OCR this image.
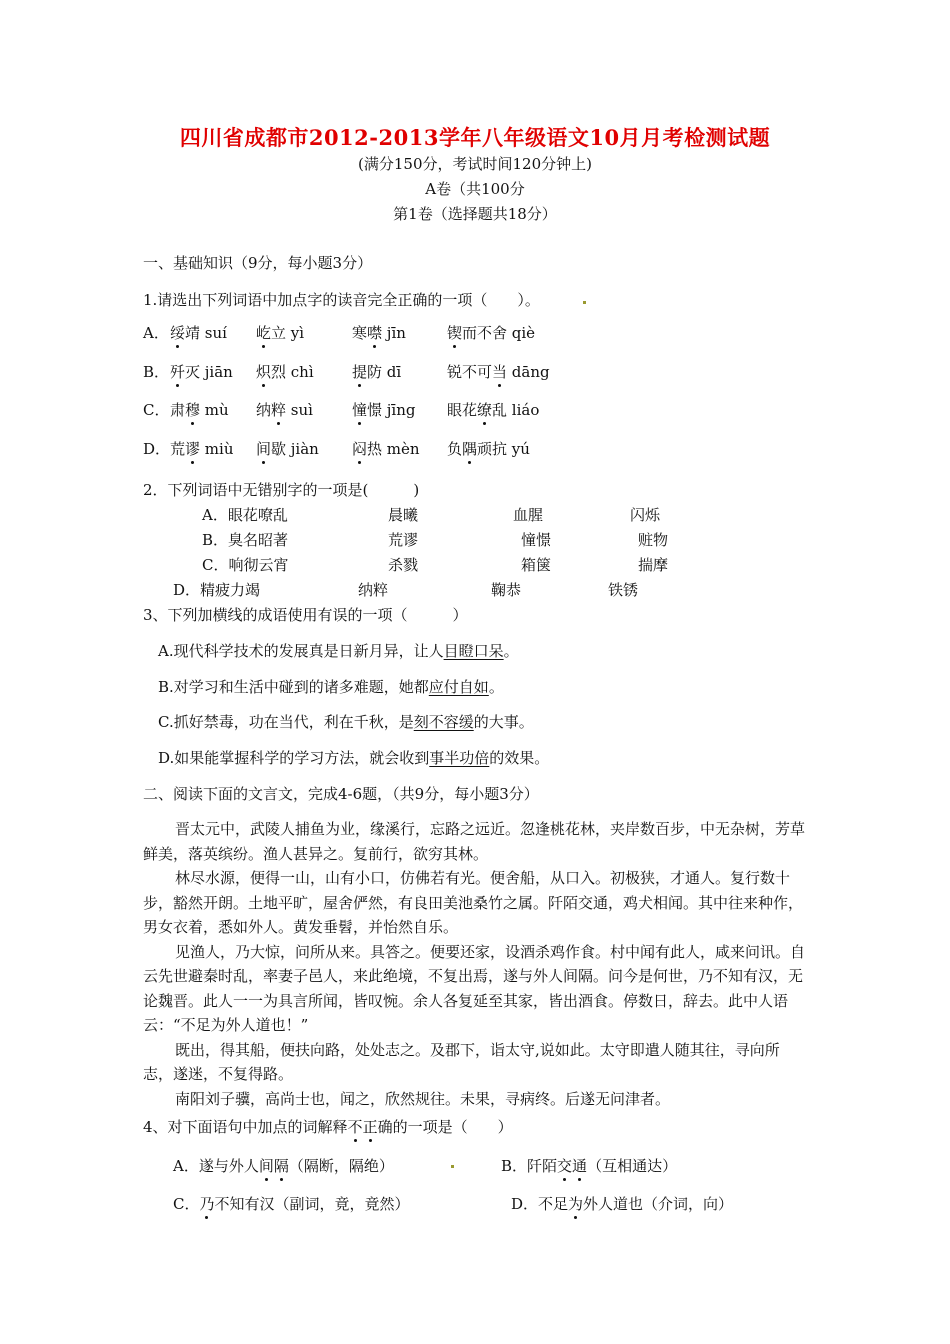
四川省成都市2012-2013学年八年级语文10月月考检测试题
(满分150分，考试时间120分钟上)
A卷（共100分
第1卷（选择题共18分）
一、基础知识（9分，每小题3分）
1.请选出下列词语中加点字的读音完全正确的一项（　　）。
A． 绥靖 suí 屹立 yì	寒噤 jīn	锲而不舍 qiè
B． 歼灭 jiān 炽烈 chì	提防 dī	锐不可当 dāng
C． 肃穆 mù 纳粹 suì	憧憬 jīng 眼花缭乱 liáo
D． 荒谬 miù 间歇 jiàn 闷热 mèn 负隅顽抗 yú
2．下列词语中无错别字的一项是(　　　)
A．眼花嘹乱	晨曦	血腥	闪烁
B．臭名昭著	荒谬	憧憬	赃物
C．响彻云宵	杀戮	箱箧	揣摩
D．精疲力竭	纳粹	鞠恭	铁锈
3、下列加横线的成语使用有误的一项（　　　）
A.现代科学技术的发展真是日新月异，让人目瞪口呆。
B.对学习和生活中碰到的诸多难题，她都应付自如。
C.抓好禁毒，功在当代，利在千秋，是刻不容缓的大事。
D.如果能掌握科学的学习方法，就会收到事半功倍的效果。
二、阅读下面的文言文，完成4-6题，（共9分，每小题3分）

晋太元中，武陵人捕鱼为业，缘溪行，忘路之远近。忽逢桃花林，夹岸数百步，中无杂树，芳草鲜美，落英缤纷。渔人甚异之。复前行，欲穷其林。

林尽水源，便得一山，山有小口，仿佛若有光。便舍船，从口入。初极狭，才通人。复行数十步，豁然开朗。土地平旷，屋舍俨然，有良田美池桑竹之属。阡陌交通，鸡犬相闻。其中往来种作，男女衣着，悉如外人。黄发垂髫，并怡然自乐。

见渔人，乃大惊，问所从来。具答之。便要还家，设酒杀鸡作食。村中闻有此人，咸来问讯。自云先世避秦时乱，率妻子邑人，来此绝境，不复出焉，遂与外人间隔。问今是何世，乃不知有汉，无论魏晋。此人一一为具言所闻，皆叹惋。余人各复延至其家，皆出酒食。停数日，辞去。此中人语云：“不足为外人道也！”

既出，得其船，便扶向路，处处志之。及郡下，诣太守,说如此。太守即遣人随其往，寻向所志，遂迷，不复得路。

南阳刘子骥，高尚士也，闻之，欣然规往。未果，寻病终。后遂无问津者。

4、对下面语句中加点的词解释不正确的一项是（　　）
A．遂与外人间隔（隔断，隔绝）	B．阡陌交通（互相通达）
C．乃不知有汉（副词，竟，竟然）	D．不足为外人道也（介词，向）
